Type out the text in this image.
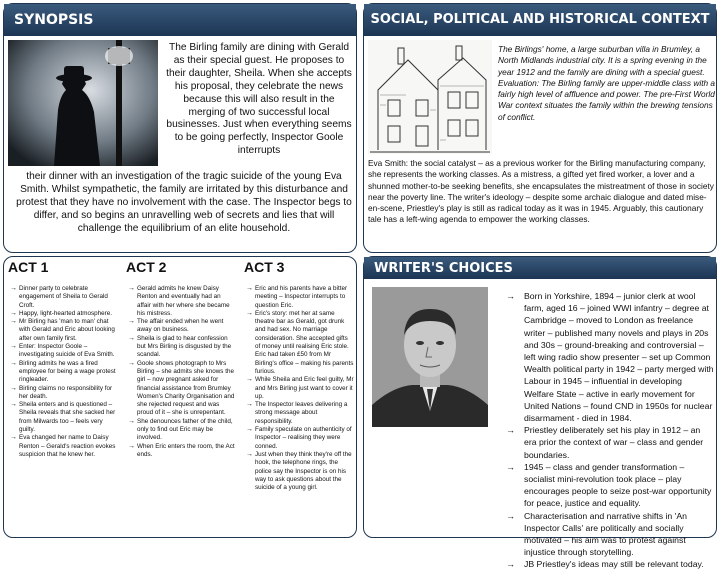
SYNOPSIS
The Birling family are dining with Gerald as their special guest. He proposes to their daughter, Sheila. When she accepts his proposal, they celebrate the news because this will also result in the merging of two successful local businesses. Just when everything seems to be going perfectly, Inspector Goole interrupts
their dinner with an investigation of the tragic suicide of the young Eva Smith. Whilst sympathetic, the family are irritated by this disturbance and protest that they have no involvement with the case. The Inspector begs to differ, and so begins an unravelling web of secrets and lies that will challenge the equilibrium of an elite household.
SOCIAL, POLITICAL AND HISTORICAL CONTEXT
The Birlings' home, a large suburban villa in Brumley, a North Midlands industrial city. It is a spring evening in the year 1912 and the family are dining with a special guest. Evaluation: The Birling family are upper-middle class with a fairly high level of affluence and power. The pre-First World War context situates the family within the brewing tensions of conflict.
Eva Smith: the social catalyst – as a previous worker for the Birling manufacturing company, she represents the working classes. As a mistress, a gifted yet fired worker, a lover and a shunned mother-to-be seeking benefits, she encapsulates the mistreatment of those in society near the poverty line. The writer's ideology – despite some archaic dialogue and dated mise-en-scene, Priestley's play is still as radical today as it was in 1945. Arguably, this cautionary tale has a left-wing agenda to empower the working classes.
ACT 1
→ Dinner party to celebrate engagement of Sheila to Gerald Croft.
→ Happy, light-hearted atmosphere.
→ Mr Birling has 'man to man' chat with Gerald and Eric about looking after own family first.
→ Enter: Inspector Goole – investigating suicide of Eva Smith.
→ Birling admits he was a fired employee for being a wage protest ringleader.
→ Birling claims no responsibility for her death.
→ Sheila enters and is questioned – Sheila reveals that she sacked her from Milwards too – feels very guilty.
→ Eva changed her name to Daisy Renton – Gerald's reaction evokes suspicion that he knew her.
ACT 2
→ Gerald admits he knew Daisy Renton and eventually had an affair with her where she became his mistress.
→ The affair ended when he went away on business.
→ Sheila is glad to hear confession but Mrs Birling is disgusted by the scandal.
→ Goole shows photograph to Mrs Birling – she admits she knows the girl – now pregnant asked for financial assistance from Brumley Women's Charity Organisation and she rejected request and was proud of it – she is unrepentant.
→ She denounces father of the child, only to find out Eric may be involved.
→ When Eric enters the room, the Act ends.
ACT 3
→ Eric and his parents have a bitter meeting – Inspector interrupts to question Eric.
→ Eric's story: met her at same theatre bar as Gerald, got drunk and had sex. No marriage consideration. She accepted gifts of money until realising Eric stole. Eric had taken £50 from Mr Birling's office – making his parents furious.
→ While Sheila and Eric feel guilty, Mr and Mrs Birling just want to cover it up.
→ The Inspector leaves delivering a strong message about responsibility.
→ Family speculate on authenticity of Inspector – realising they were conned.
→ Just when they think they're off the hook, the telephone rings, the police say the Inspector is on his way to ask questions about the suicide of a young girl.
WRITER'S CHOICES
→ Born in Yorkshire, 1894 – junior clerk at wool farm, aged 16 – joined WWI infantry – degree at Cambridge – moved to London as freelance writer – published many novels and plays in 20s and 30s – ground-breaking and controversial – left wing radio show presenter – set up Common Wealth political party in 1942 – party merged with Labour in 1945 – influential in developing Welfare State – active in early movement for United Nations – found CND in 1950s for nuclear disarmament - died in 1984.
→ Priestley deliberately set his play in 1912 – an era prior the context of war – class and gender boundaries.
→ 1945 – class and gender transformation – socialist mini-revolution took place – play encourages people to seize post-war opportunity for peace, justice and equality.
→ Characterisation and narrative shifts in 'An Inspector Calls' are politically and socially motivated – his aim was to protest against injustice through storytelling.
→ JB Priestley's ideas may still be relevant today.
